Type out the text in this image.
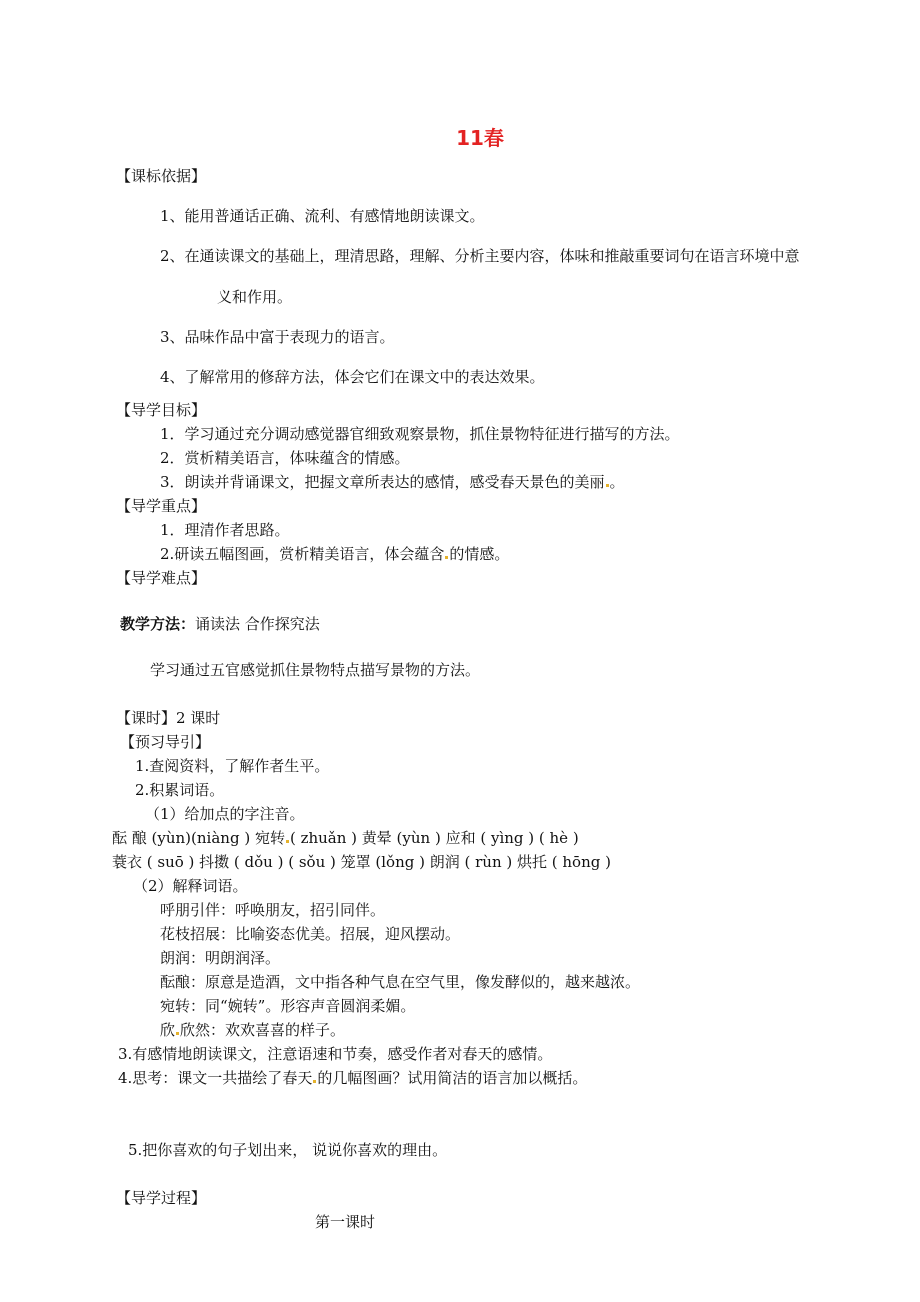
11春
【课标依据】
1、能用普通话正确、流利、有感情地朗读课文。
2、在通读课文的基础上，理清思路，理解、分析主要内容，体味和推敲重要词句在语言环境中意
义和作用。
3、品味作品中富于表现力的语言。
4、了解常用的修辞方法，体会它们在课文中的表达效果。
【导学目标】
1．学习通过充分调动感觉器官细致观察景物，抓住景物特征进行描写的方法。
2．赏析精美语言，体味蕴含的情感。
3．朗读并背诵课文，把握文章所表达的感情，感受春天景色的美丽 。
【导学重点】
1．理清作者思路。
2.研读五幅图画，赏析精美语言，体会蕴含 的情感。
【导学难点】
教学方法：诵读法 合作探究法
学习通过五官感觉抓住景物特点描写景物的方法。
【课时】2 课时
【预习导引】
1.查阅资料，了解作者生平。
2.积累词语。
（1）给加点的字注音。
酝 酿 (yùn)(niàng ) 宛转 ( zhuǎn ) 黄晕 (yùn ) 应和 ( yìng ) ( hè )
蓑衣 ( suō ) 抖擞 ( dǒu ) ( sǒu ) 笼罩 (lǒng ) 朗润 ( rùn ) 烘托 ( hōng )
（2）解释词语。
呼朋引伴：呼唤朋友，招引同伴。
花枝招展：比喻姿态优美。招展，迎风摆动。
朗润：明朗润泽。
酝酿：原意是造酒，文中指各种气息在空气里，像发酵似的，越来越浓。
宛转：同“婉转”。形容声音圆润柔媚。
欣 欣然：欢欢喜喜的样子。
3.有感情地朗读课文，注意语速和节奏，感受作者对春天的感情。
4.思考：课文一共描绘了春天 的几幅图画？试用简洁的语言加以概括。
5.把你喜欢的句子划出来， 说说你喜欢的理由。
【导学过程】
第一课时
